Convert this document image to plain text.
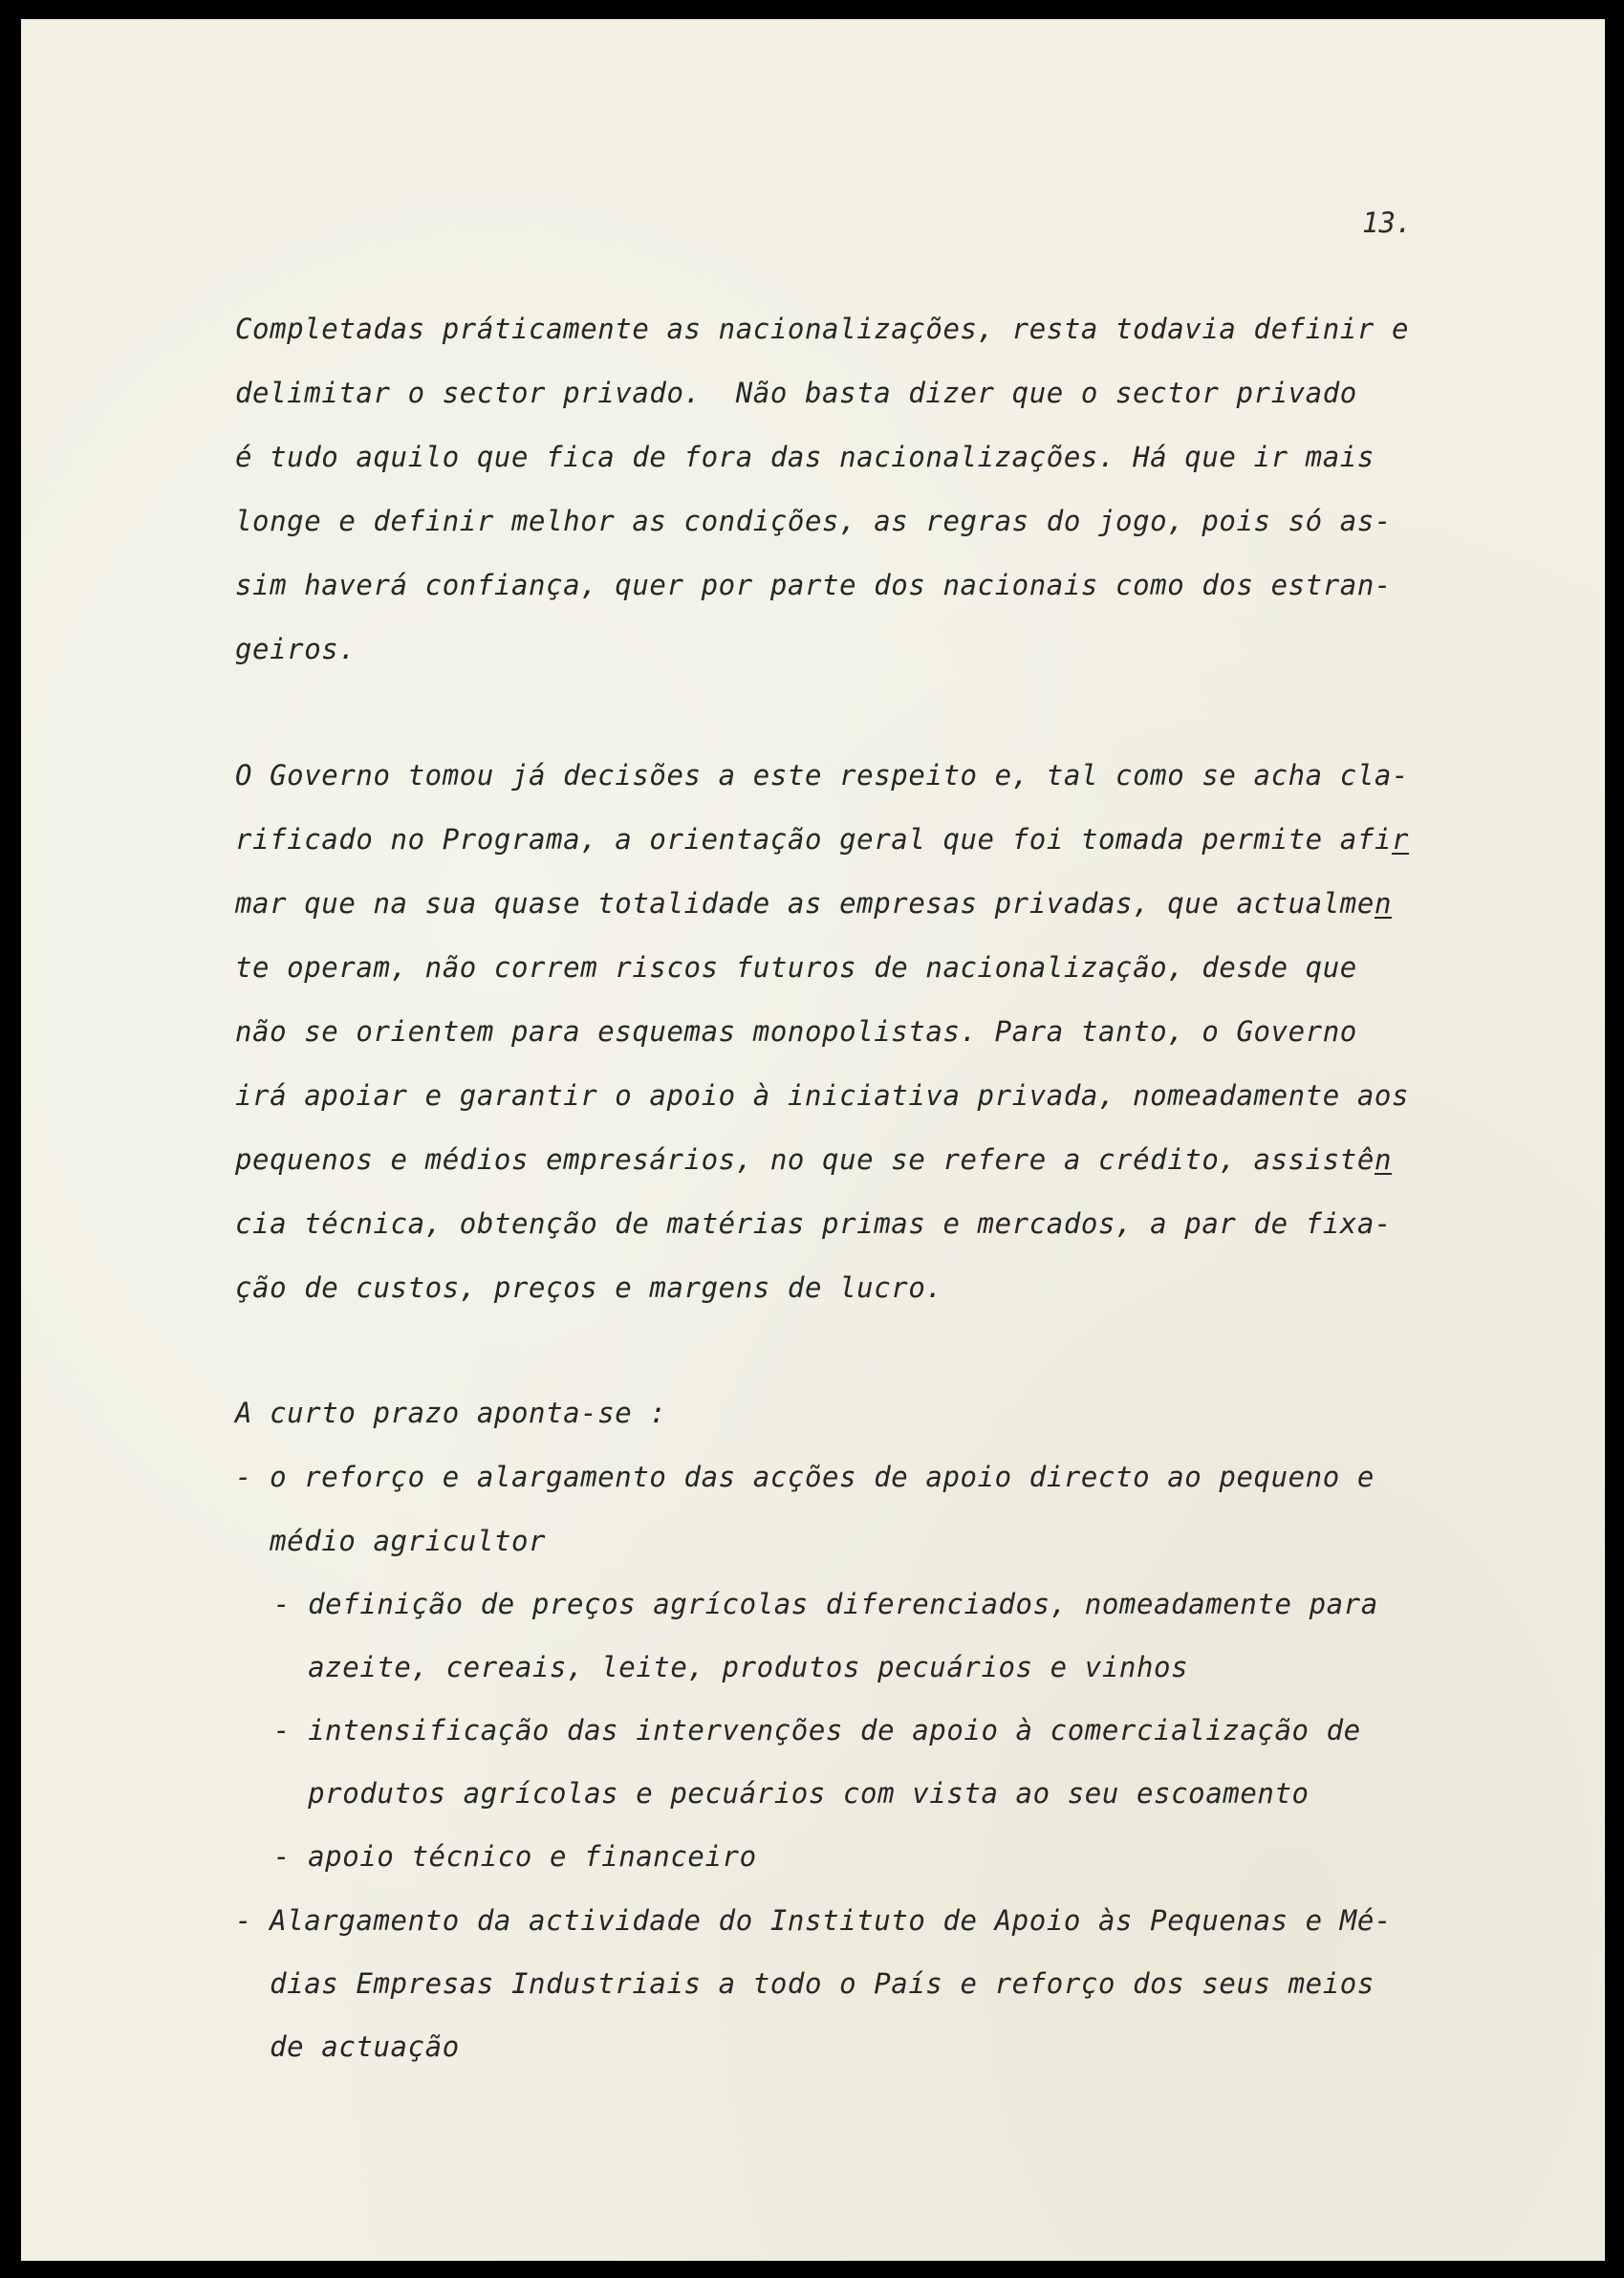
13.
Completadas práticamente as nacionalizações, resta todavia definir e
delimitar o sector privado.  Não basta dizer que o sector privado
é tudo aquilo que fica de fora das nacionalizações. Há que ir mais
longe e definir melhor as condições, as regras do jogo, pois só as-
sim haverá confiança, quer por parte dos nacionais como dos estran-
geiros.
O Governo tomou já decisões a este respeito e, tal como se acha cla-
rificado no Programa, a orientação geral que foi tomada permite afir
mar que na sua quase totalidade as empresas privadas, que actualmen
te operam, não correm riscos futuros de nacionalização, desde que
não se orientem para esquemas monopolistas. Para tanto, o Governo
irá apoiar e garantir o apoio à iniciativa privada, nomeadamente aos
pequenos e médios empresários, no que se refere a crédito, assistên
cia técnica, obtenção de matérias primas e mercados, a par de fixa-
ção de custos, preços e margens de lucro.
A curto prazo aponta-se :
- o reforço e alargamento das acções de apoio directo ao pequeno e
médio agricultor
- definição de preços agrícolas diferenciados, nomeadamente para
azeite, cereais, leite, produtos pecuários e vinhos
- intensificação das intervenções de apoio à comercialização de
produtos agrícolas e pecuários com vista ao seu escoamento
- apoio técnico e financeiro
- Alargamento da actividade do Instituto de Apoio às Pequenas e Mé-
dias Empresas Industriais a todo o País e reforço dos seus meios
de actuação
